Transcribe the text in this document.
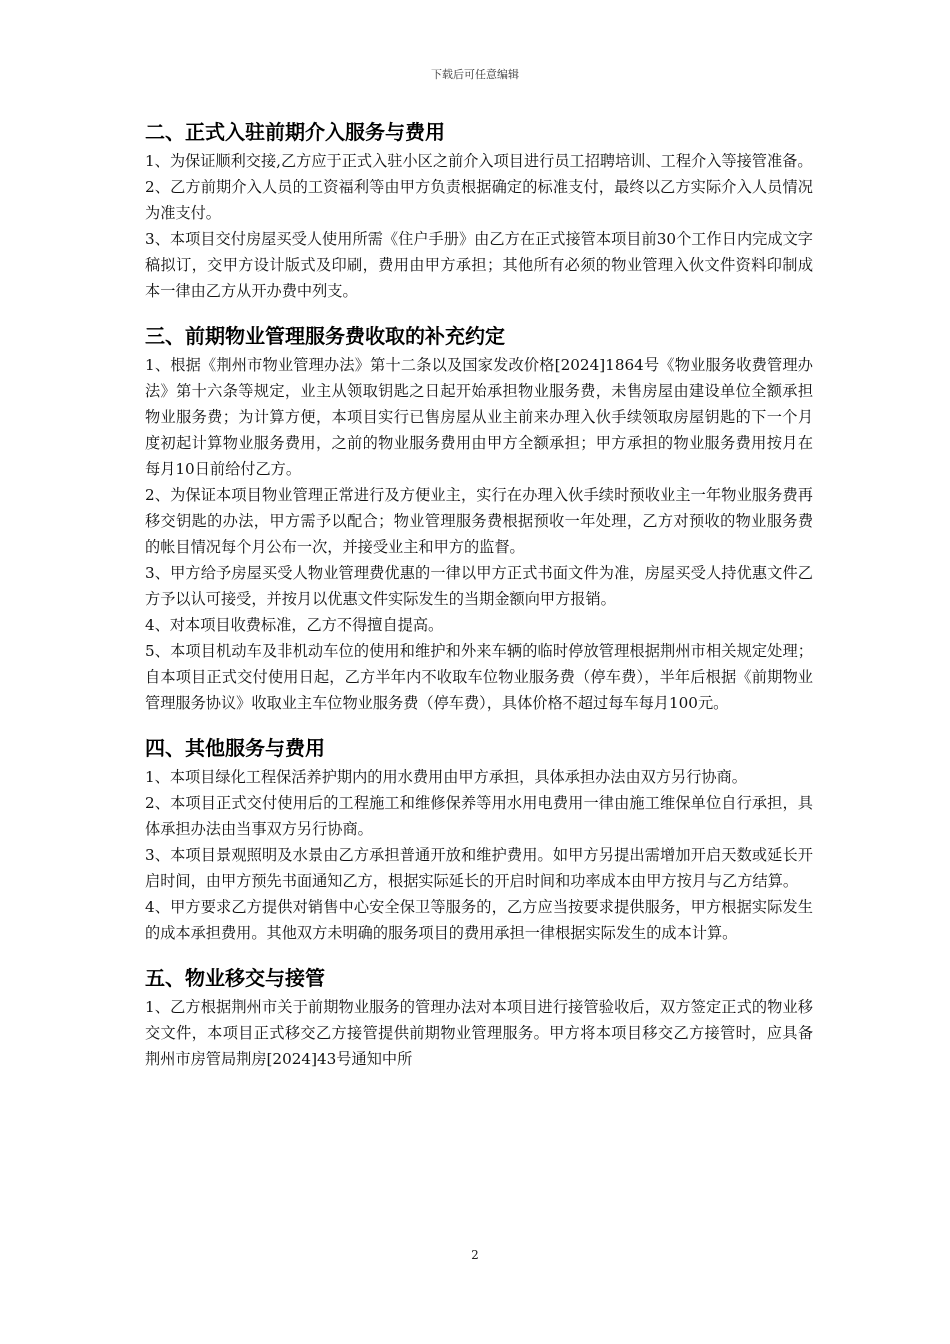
下载后可任意编辑
二、正式入驻前期介入服务与费用

1、为保证顺利交接,乙方应于正式入驻小区之前介入项目进行员工招聘培训、工程介入等接管准备。

2、乙方前期介入人员的工资福利等由甲方负责根据确定的标准支付，最终以乙方实际介入人员情况为准支付。

3、本项目交付房屋买受人使用所需《住户手册》由乙方在正式接管本项目前30个工作日内完成文字稿拟订，交甲方设计版式及印刷，费用由甲方承担；其他所有必须的物业管理入伙文件资料印制成本一律由乙方从开办费中列支。

三、前期物业管理服务费收取的补充约定

1、根据《荆州市物业管理办法》第十二条以及国家发改价格[2024]1864号《物业服务收费管理办法》第十六条等规定，业主从领取钥匙之日起开始承担物业服务费，未售房屋由建设单位全额承担物业服务费；为计算方便，本项目实行已售房屋从业主前来办理入伙手续领取房屋钥匙的下一个月度初起计算物业服务费用，之前的物业服务费用由甲方全额承担；甲方承担的物业服务费用按月在每月10日前给付乙方。

2、为保证本项目物业管理正常进行及方便业主，实行在办理入伙手续时预收业主一年物业服务费再移交钥匙的办法，甲方需予以配合；物业管理服务费根据预收一年处理，乙方对预收的物业服务费的帐目情况每个月公布一次，并接受业主和甲方的监督。

3、甲方给予房屋买受人物业管理费优惠的一律以甲方正式书面文件为准，房屋买受人持优惠文件乙方予以认可接受，并按月以优惠文件实际发生的当期金额向甲方报销。

4、对本项目收费标准，乙方不得擅自提高。

5、本项目机动车及非机动车位的使用和维护和外来车辆的临时停放管理根据荆州市相关规定处理；自本项目正式交付使用日起，乙方半年内不收取车位物业服务费（停车费），半年后根据《前期物业管理服务协议》收取业主车位物业服务费（停车费），具体价格不超过每车每月100元。

四、其他服务与费用

1、本项目绿化工程保活养护期内的用水费用由甲方承担，具体承担办法由双方另行协商。

2、本项目正式交付使用后的工程施工和维修保养等用水用电费用一律由施工维保单位自行承担，具体承担办法由当事双方另行协商。

3、本项目景观照明及水景由乙方承担普通开放和维护费用。如甲方另提出需增加开启天数或延长开启时间，由甲方预先书面通知乙方，根据实际延长的开启时间和功率成本由甲方按月与乙方结算。

4、甲方要求乙方提供对销售中心安全保卫等服务的，乙方应当按要求提供服务，甲方根据实际发生的成本承担费用。其他双方未明确的服务项目的费用承担一律根据实际发生的成本计算。

五、物业移交与接管

1、乙方根据荆州市关于前期物业服务的管理办法对本项目进行接管验收后，双方签定正式的物业移交文件，本项目正式移交乙方接管提供前期物业管理服务。甲方将本项目移交乙方接管时，应具备荆州市房管局荆房[2024]43号通知中所

2
